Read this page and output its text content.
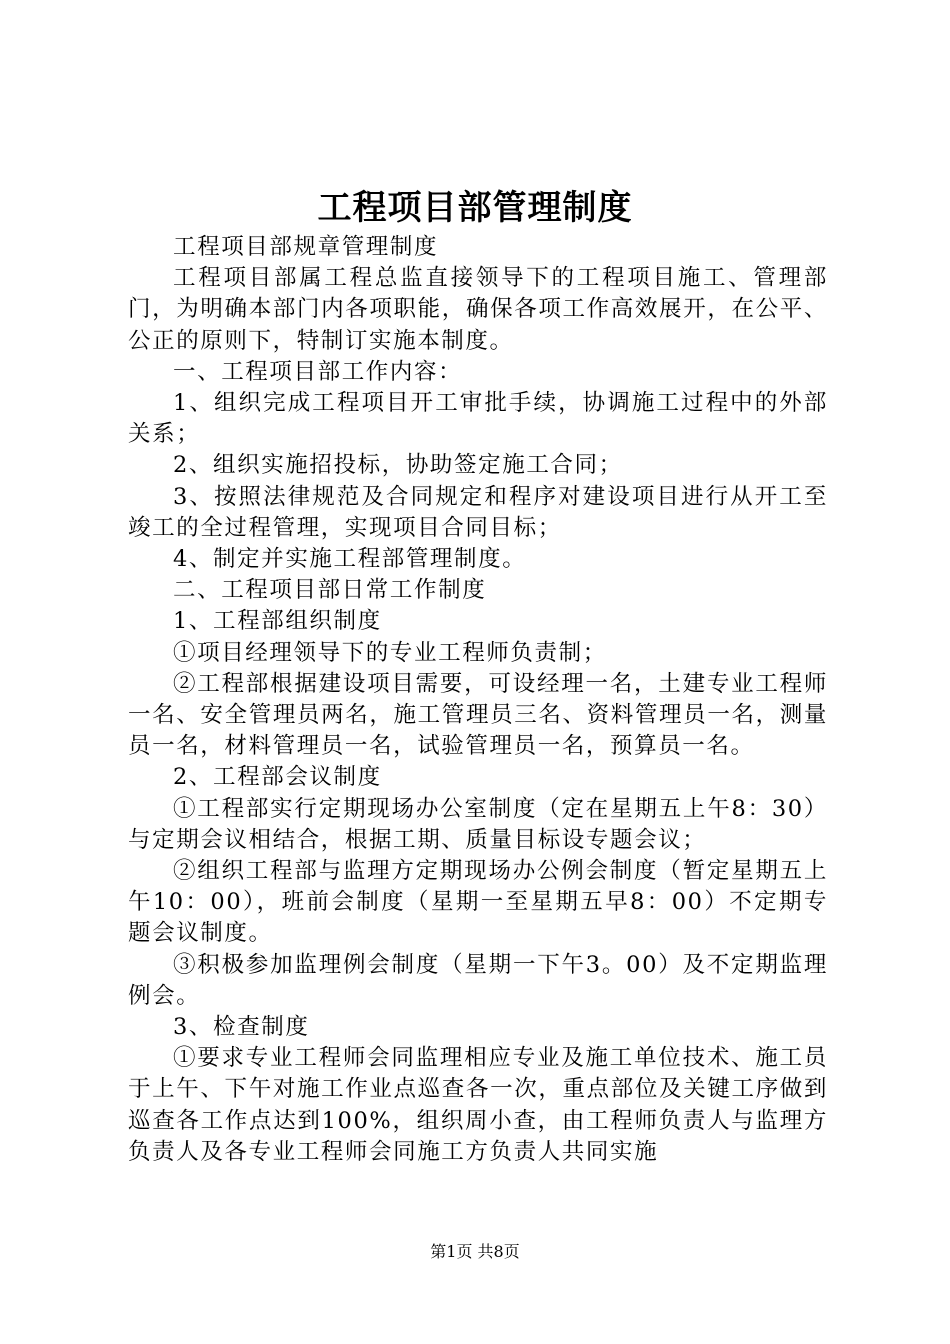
工程项目部管理制度

工程项目部规章管理制度

工程项目部属工程总监直接领导下的工程项目施工、管理部门，为明确本部门内各项职能，确保各项工作高效展开，在公平、公正的原则下，特制订实施本制度。

一、工程项目部工作内容：

1、组织完成工程项目开工审批手续，协调施工过程中的外部关系；

2、组织实施招投标，协助签定施工合同；

3、按照法律规范及合同规定和程序对建设项目进行从开工至竣工的全过程管理，实现项目合同目标；

4、制定并实施工程部管理制度。

二、工程项目部日常工作制度

1、工程部组织制度

①项目经理领导下的专业工程师负责制；

②工程部根据建设项目需要，可设经理一名，土建专业工程师一名、安全管理员两名，施工管理员三名、资料管理员一名，测量员一名，材料管理员一名，试验管理员一名，预算员一名。

2、工程部会议制度

①工程部实行定期现场办公室制度（定在星期五上午8：30）与定期会议相结合，根据工期、质量目标设专题会议；

②组织工程部与监理方定期现场办公例会制度（暂定星期五上午10：00），班前会制度（星期一至星期五早8：00）不定期专题会议制度。

③积极参加监理例会制度（星期一下午3。00）及不定期监理例会。

3、检查制度

①要求专业工程师会同监理相应专业及施工单位技术、施工员于上午、下午对施工作业点巡查各一次，重点部位及关键工序做到巡查各工作点达到100%，组织周小查，由工程师负责人与监理方负责人及各专业工程师会同施工方负责人共同实施

第1页 共8页
